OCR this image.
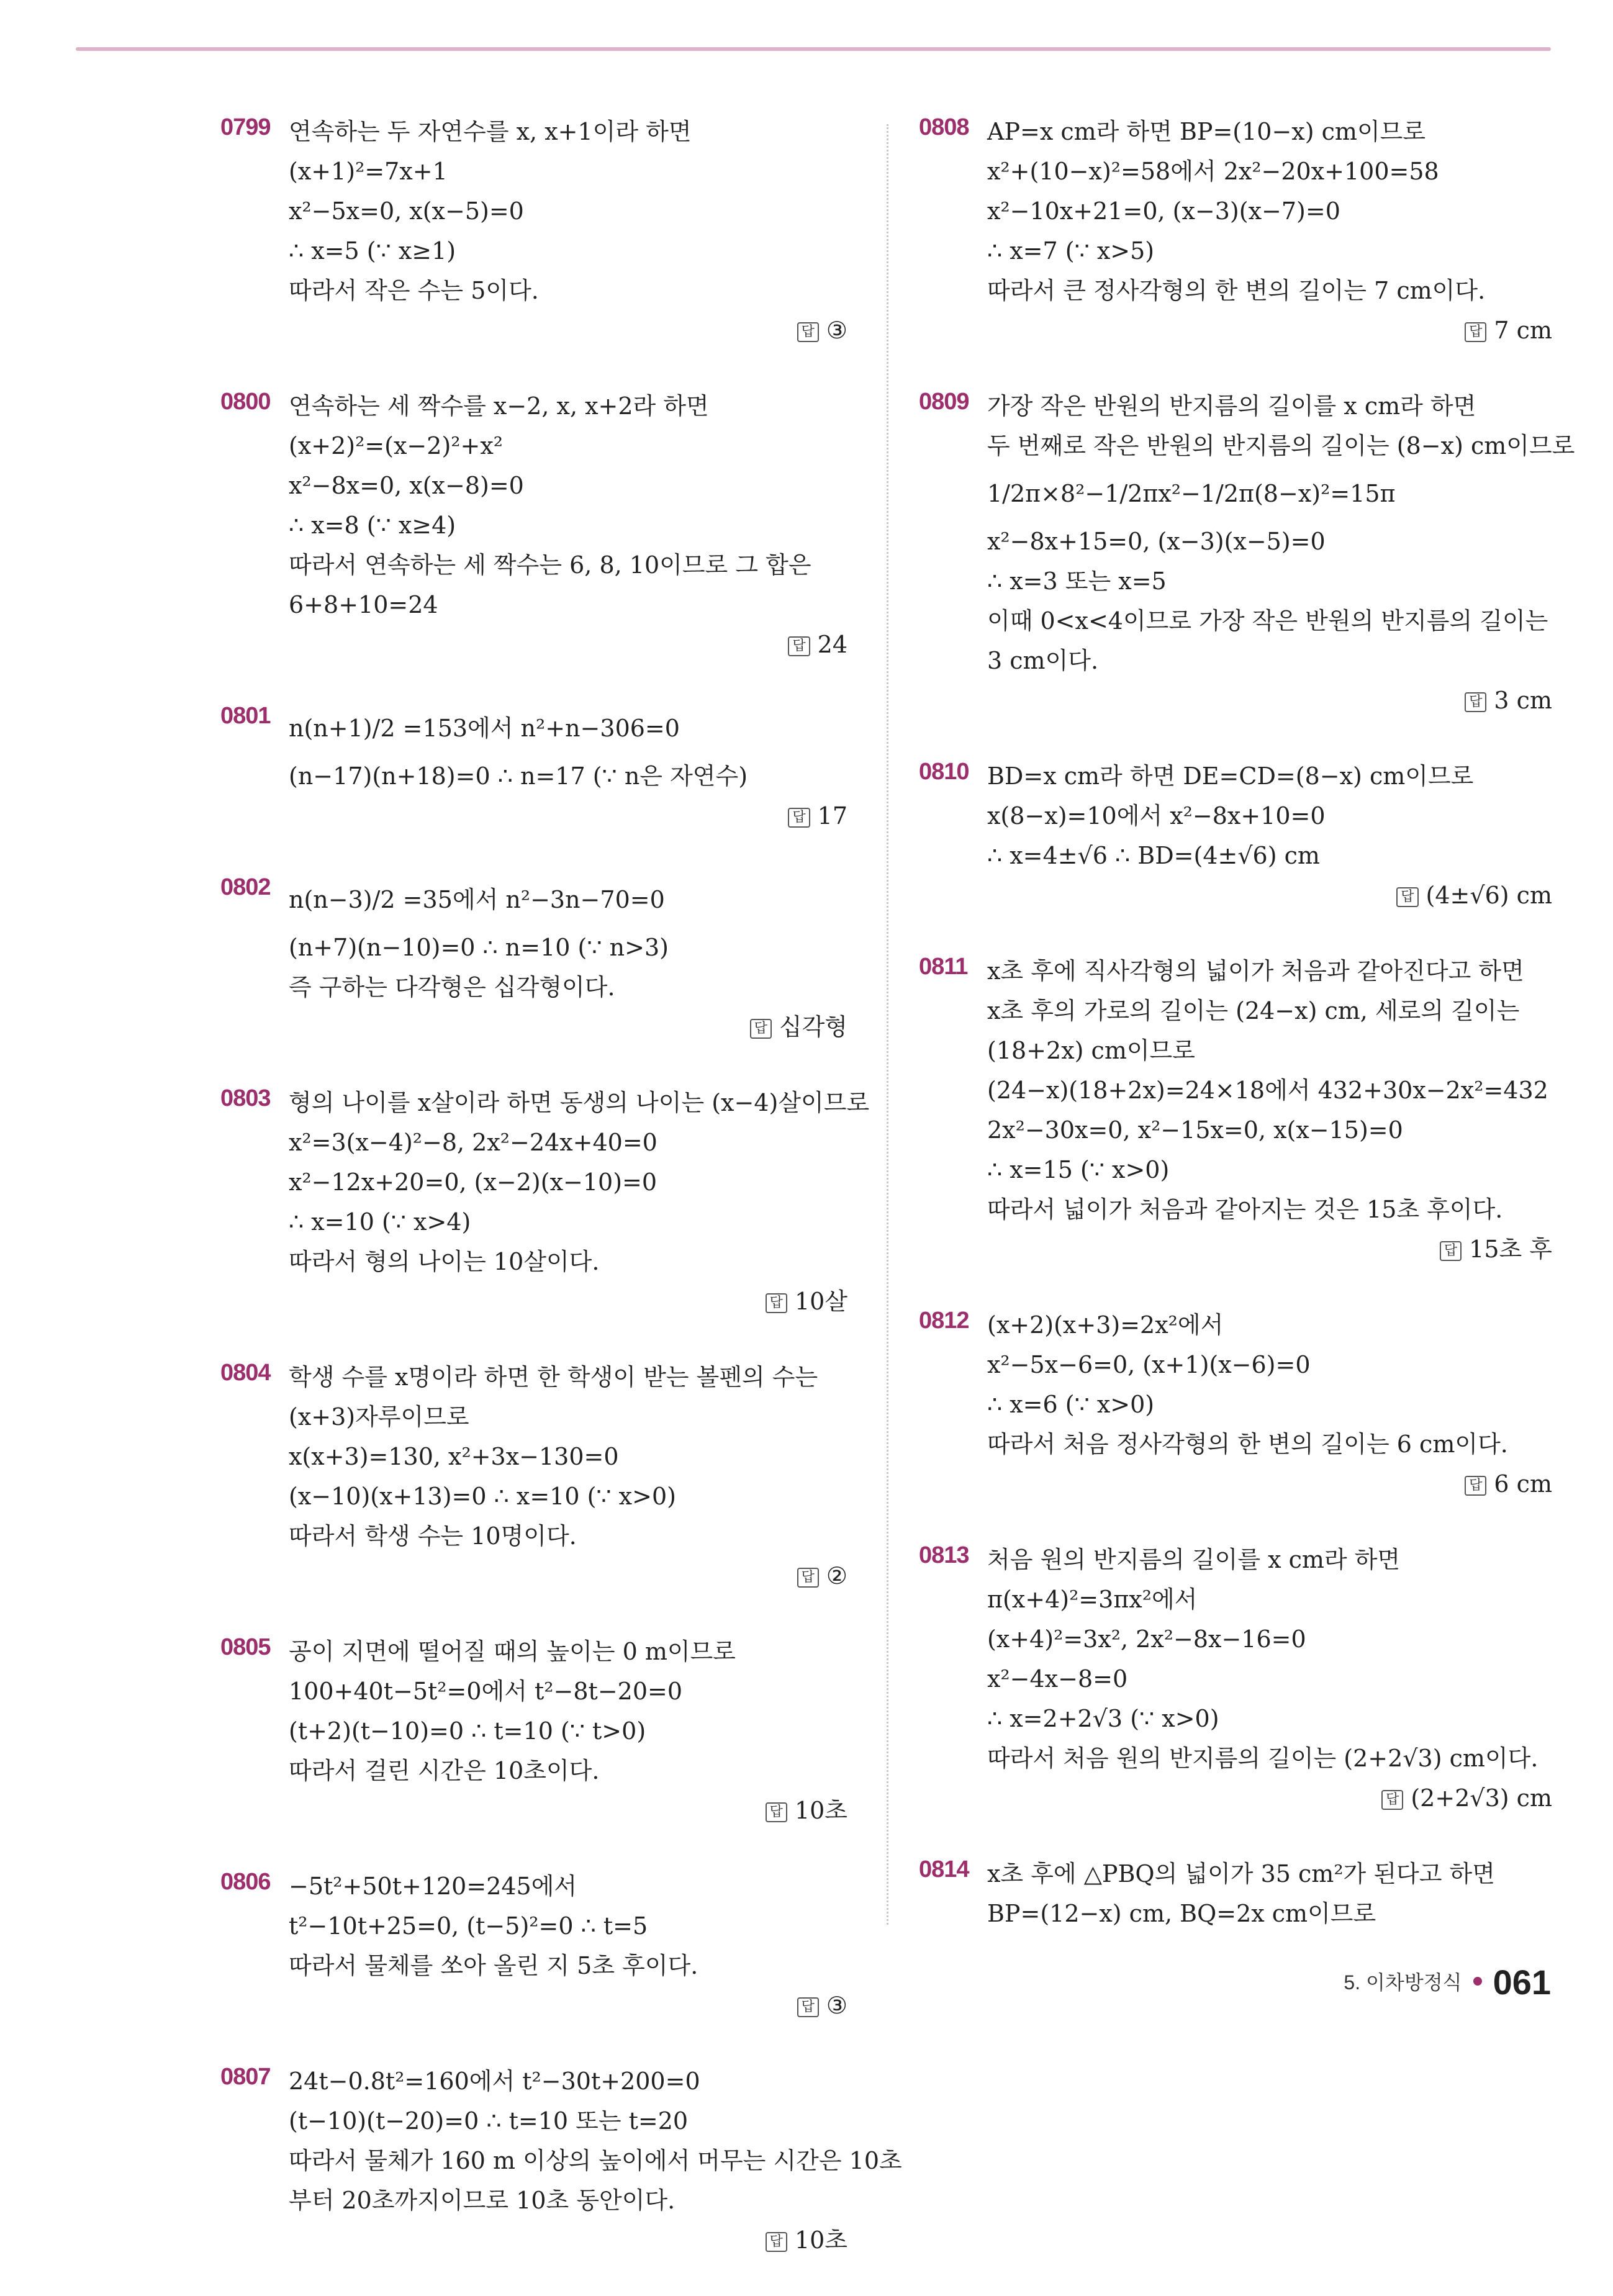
0799 연속하는 두 자연수를 x, x+1이라 하면
(x+1)²=7x+1
x²−5x=0, x(x−5)=0
∴ x=5 (∵ x≥1)
따라서 작은 수는 5이다.
답 ③
0800 연속하는 세 짝수를 x−2, x, x+2라 하면
(x+2)²=(x−2)²+x²
x²−8x=0, x(x−8)=0
∴ x=8 (∵ x≥4)
따라서 연속하는 세 짝수는 6, 8, 10이므로 그 합은
6+8+10=24
답 24
0801 n(n+1)/2 =153에서 n²+n−306=0
(n−17)(n+18)=0 ∴ n=17 (∵ n은 자연수)
답 17
0802 n(n−3)/2 =35에서 n²−3n−70=0
(n+7)(n−10)=0 ∴ n=10 (∵ n>3)
즉 구하는 다각형은 십각형이다.
답 십각형
0803 형의 나이를 x살이라 하면 동생의 나이는 (x−4)살이므로
x²=3(x−4)²−8, 2x²−24x+40=0
x²−12x+20=0, (x−2)(x−10)=0
∴ x=10 (∵ x>4)
따라서 형의 나이는 10살이다.
답 10살
0804 학생 수를 x명이라 하면 한 학생이 받는 볼펜의 수는
(x+3)자루이므로
x(x+3)=130, x²+3x−130=0
(x−10)(x+13)=0 ∴ x=10 (∵ x>0)
따라서 학생 수는 10명이다.
답 ②
0805 공이 지면에 떨어질 때의 높이는 0 m이므로
100+40t−5t²=0에서 t²−8t−20=0
(t+2)(t−10)=0 ∴ t=10 (∵ t>0)
따라서 걸린 시간은 10초이다.
답 10초
0806 −5t²+50t+120=245에서
t²−10t+25=0, (t−5)²=0 ∴ t=5
따라서 물체를 쏘아 올린 지 5초 후이다.
답 ③
0807 24t−0.8t²=160에서 t²−30t+200=0
(t−10)(t−20)=0 ∴ t=10 또는 t=20
따라서 물체가 160 m 이상의 높이에서 머무는 시간은 10초
부터 20초까지이므로 10초 동안이다.
답 10초
0808 AP=x cm라 하면 BP=(10−x) cm이므로
x²+(10−x)²=58에서 2x²−20x+100=58
x²−10x+21=0, (x−3)(x−7)=0
∴ x=7 (∵ x>5)
따라서 큰 정사각형의 한 변의 길이는 7 cm이다.
답 7 cm
0809 가장 작은 반원의 반지름의 길이를 x cm라 하면
두 번째로 작은 반원의 반지름의 길이는 (8−x) cm이므로
1/2π×8²−1/2πx²−1/2π(8−x)²=15π
x²−8x+15=0, (x−3)(x−5)=0
∴ x=3 또는 x=5
이때 0<x<4이므로 가장 작은 반원의 반지름의 길이는
3 cm이다.
답 3 cm
0810 BD=x cm라 하면 DE=CD=(8−x) cm이므로
x(8−x)=10에서 x²−8x+10=0
∴ x=4±√6 ∴ BD=(4±√6) cm
답 (4±√6) cm
0811 x초 후에 직사각형의 넓이가 처음과 같아진다고 하면
x초 후의 가로의 길이는 (24−x) cm, 세로의 길이는
(18+2x) cm이므로
(24−x)(18+2x)=24×18에서 432+30x−2x²=432
2x²−30x=0, x²−15x=0, x(x−15)=0
∴ x=15 (∵ x>0)
따라서 넓이가 처음과 같아지는 것은 15초 후이다.
답 15초 후
0812 (x+2)(x+3)=2x²에서
x²−5x−6=0, (x+1)(x−6)=0
∴ x=6 (∵ x>0)
따라서 처음 정사각형의 한 변의 길이는 6 cm이다.
답 6 cm
0813 처음 원의 반지름의 길이를 x cm라 하면
π(x+4)²=3πx²에서
(x+4)²=3x², 2x²−8x−16=0
x²−4x−8=0
∴ x=2+2√3 (∵ x>0)
따라서 처음 원의 반지름의 길이는 (2+2√3) cm이다.
답 (2+2√3) cm
0814 x초 후에 △PBQ의 넓이가 35 cm²가 된다고 하면
BP=(12−x) cm, BQ=2x cm이므로
5. 이차방정식 061
